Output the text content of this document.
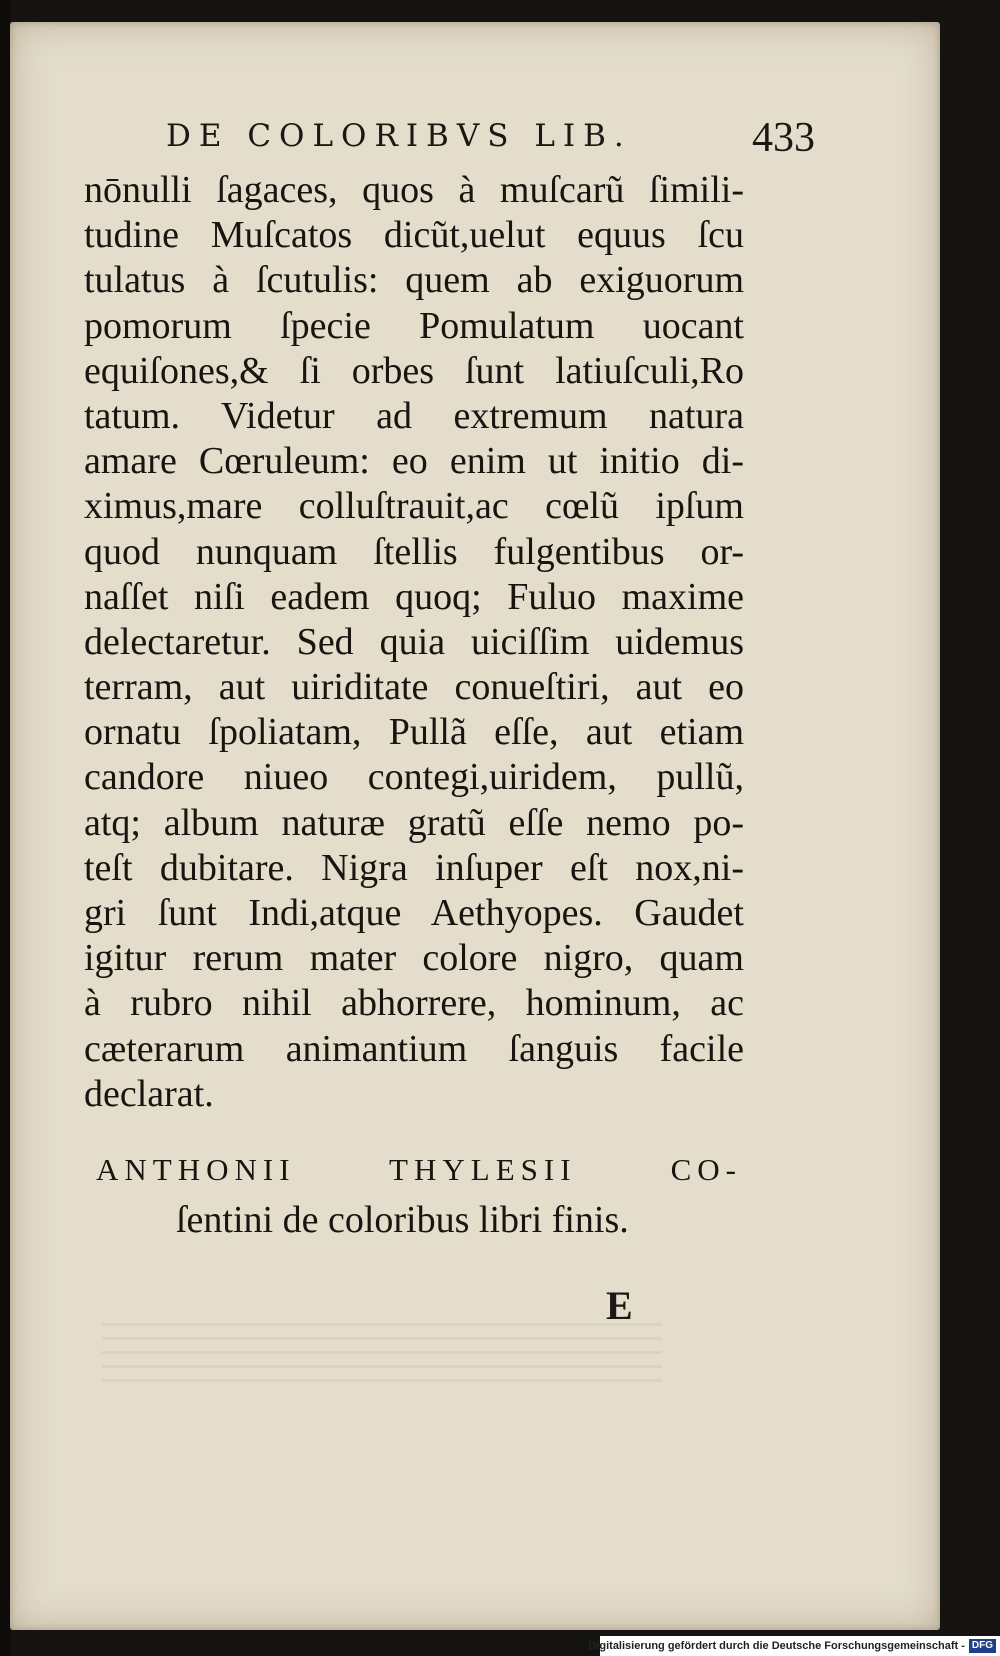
DE COLORIBVS LIB.	433
nōnulli ſagaces, quos à muſcarũ ſimili-
tudine Muſcatos dicũt,uelut equus ſcu
tulatus à ſcutulis: quem ab exiguorum
pomorum ſpecie Pomulatum uocant
equiſones,& ſi orbes ſunt latiuſculi,Ro
tatum. Videtur ad extremum natura
amare Cœruleum: eo enim ut initio di-
ximus,mare colluſtrauit,ac cœlũ ipſum
quod nunquam ſtellis fulgentibus or-
naſſet niſi eadem quoq; Fuluo maxime
delectaretur. Sed quia uiciſſim uidemus
terram, aut uiriditate conueſtiri, aut eo
ornatu ſpoliatam, Pullã eſſe, aut etiam
candore niueo contegi,uiridem, pullũ,
atq; album naturæ gratũ eſſe nemo po-
teſt dubitare. Nigra inſuper eſt nox,ni-
gri ſunt Indi,atque Aethyopes. Gaudet
igitur rerum mater colore nigro, quam
à rubro nihil abhorrere, hominum, ac
cæterarum animantium ſanguis facile
declarat.
ANTHONII THYLESII CO-
ſentini de coloribus libri finis.
E
Digitalisierung gefördert durch die Deutsche Forschungsgemeinschaft - DFG
